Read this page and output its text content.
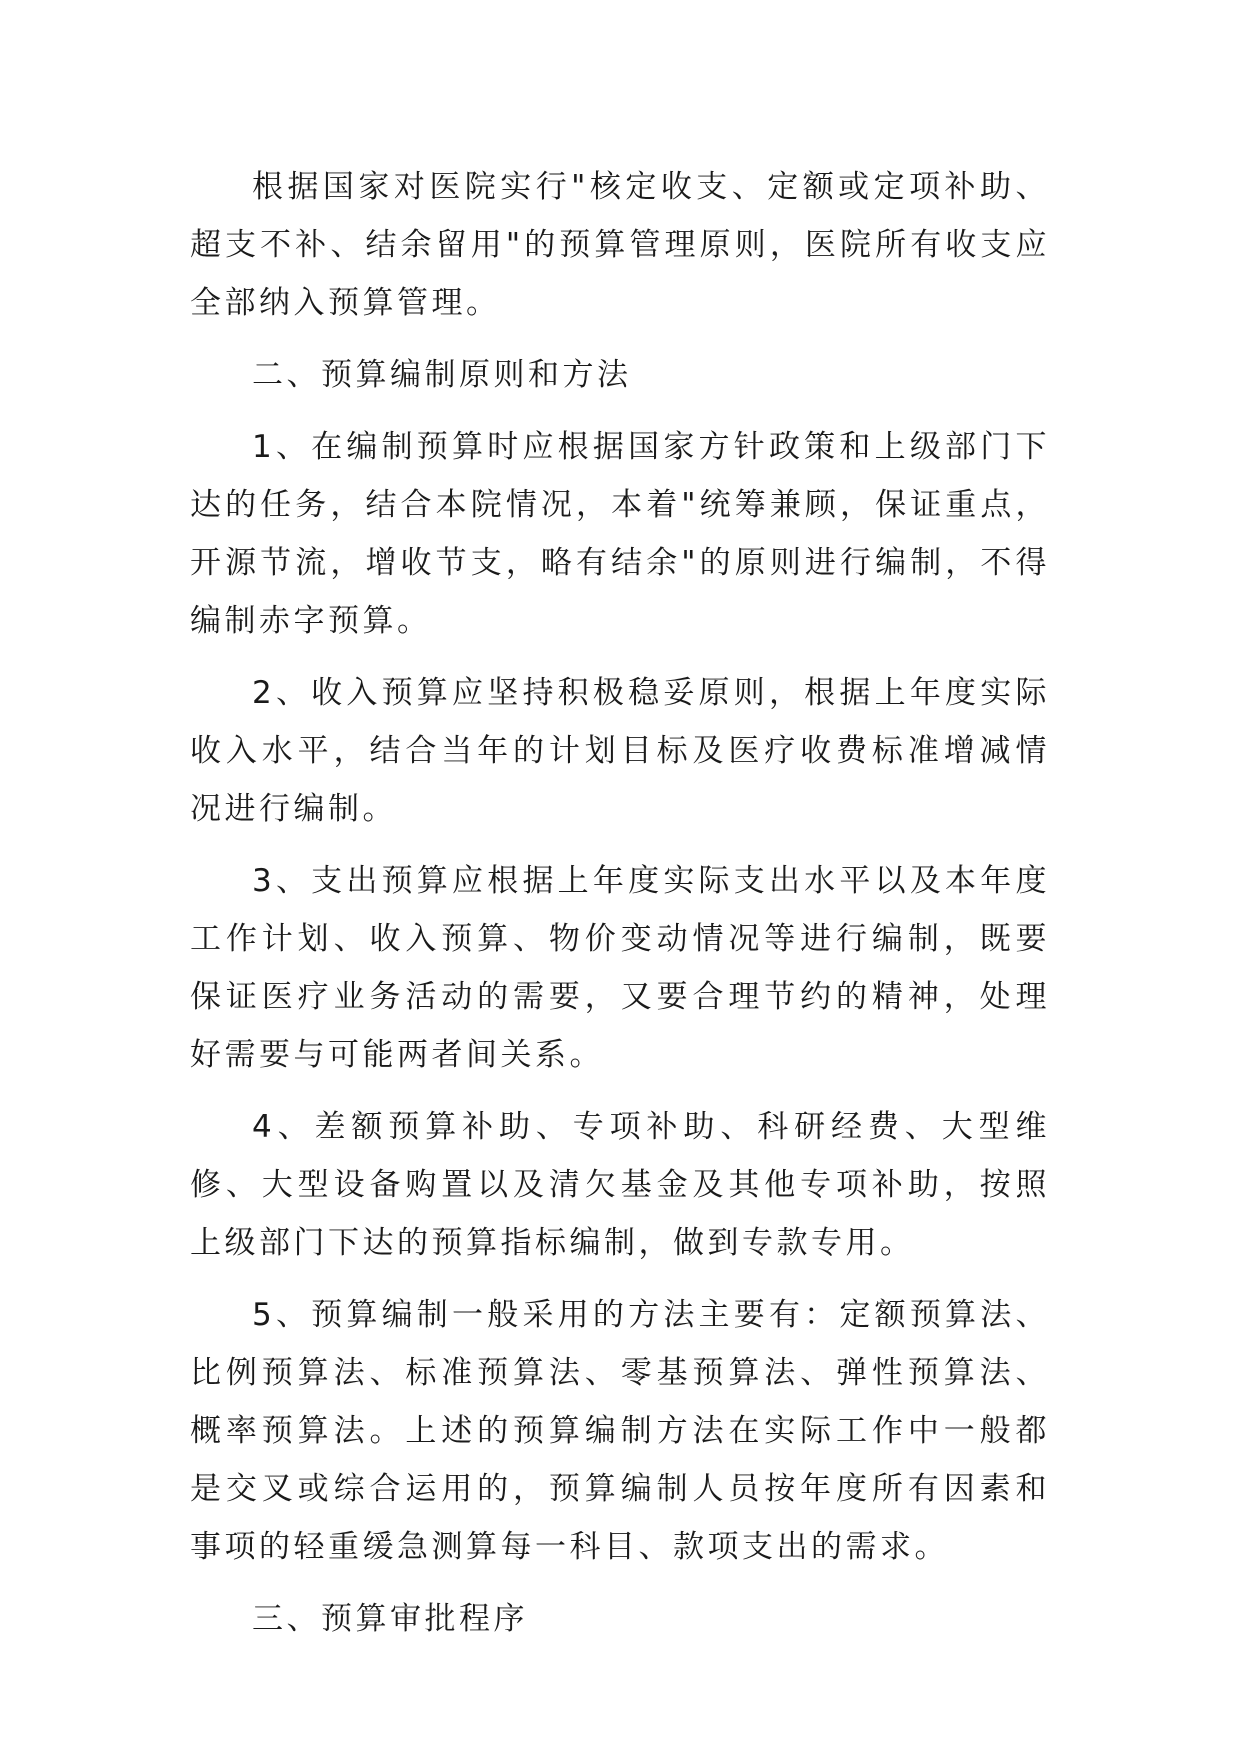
根据国家对医院实行"核定收支、定额或定项补助、超支不补、结余留用"的预算管理原则，医院所有收支应全部纳入预算管理。

二、预算编制原则和方法

1、在编制预算时应根据国家方针政策和上级部门下达的任务，结合本院情况，本着"统筹兼顾，保证重点，开源节流，增收节支，略有结余"的原则进行编制，不得编制赤字预算。

2、收入预算应坚持积极稳妥原则，根据上年度实际收入水平，结合当年的计划目标及医疗收费标准增减情况进行编制。

3、支出预算应根据上年度实际支出水平以及本年度工作计划、收入预算、物价变动情况等进行编制，既要保证医疗业务活动的需要，又要合理节约的精神，处理好需要与可能两者间关系。

4、差额预算补助、专项补助、科研经费、大型维修、大型设备购置以及清欠基金及其他专项补助，按照上级部门下达的预算指标编制，做到专款专用。

5、预算编制一般采用的方法主要有：定额预算法、比例预算法、标准预算法、零基预算法、弹性预算法、概率预算法。上述的预算编制方法在实际工作中一般都是交叉或综合运用的，预算编制人员按年度所有因素和事项的轻重缓急测算每一科目、款项支出的需求。

三、预算审批程序
